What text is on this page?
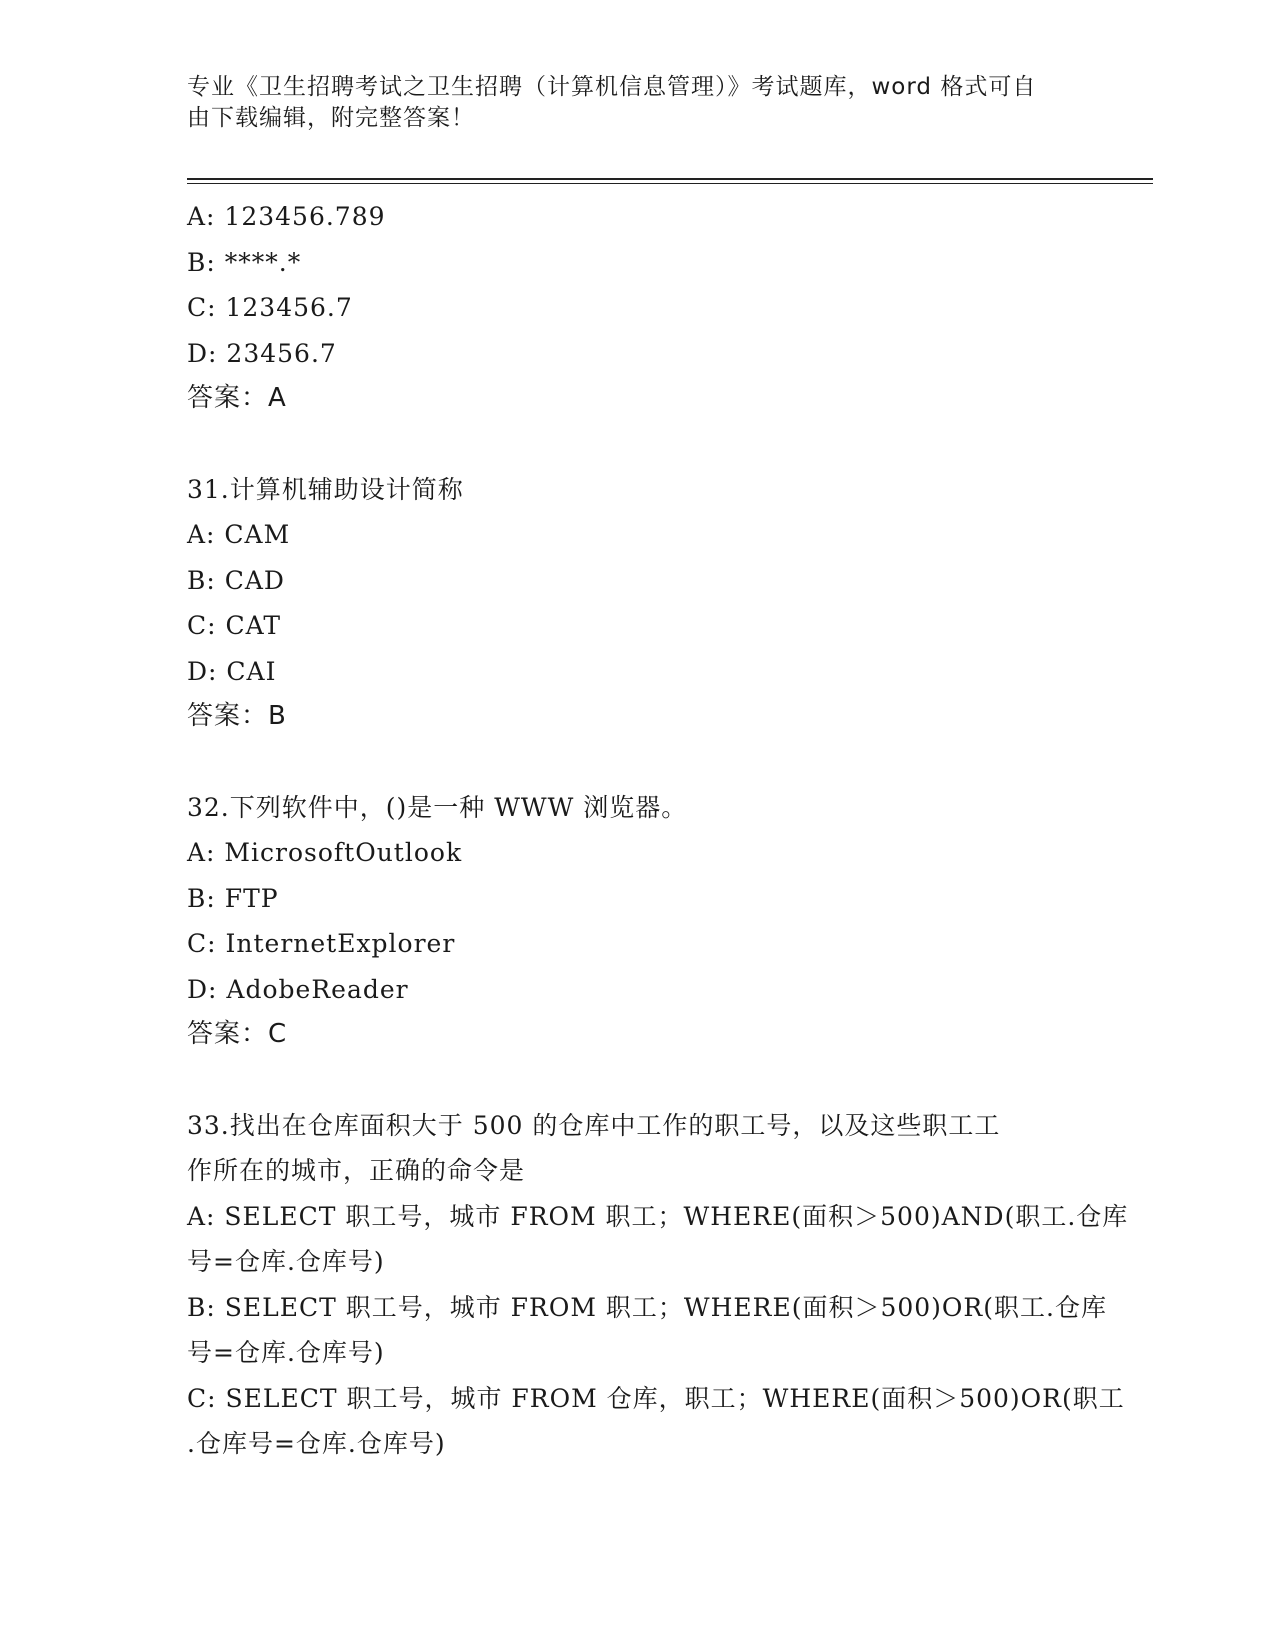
专业《卫生招聘考试之卫生招聘（计算机信息管理）》考试题库，word 格式可自
由下载编辑，附完整答案！
A: 123456.789
B: ****.*
C: 123456.7
D: 23456.7
答案：A
31.计算机辅助设计简称
A: CAM
B: CAD
C: CAT
D: CAI
答案：B
32.下列软件中，()是一种 WWW 浏览器。
A: MicrosoftOutlook
B: FTP
C: InternetExplorer
D: AdobeReader
答案：C
33.找出在仓库面积大于 500 的仓库中工作的职工号，以及这些职工工
作所在的城市，正确的命令是
A: SELECT 职工号，城市 FROM 职工；WHERE(面积＞500)AND(职工.仓库
号=仓库.仓库号)
B: SELECT 职工号，城市 FROM 职工；WHERE(面积＞500)OR(职工.仓库
号=仓库.仓库号)
C: SELECT 职工号，城市 FROM 仓库，职工；WHERE(面积＞500)OR(职工
.仓库号=仓库.仓库号)
